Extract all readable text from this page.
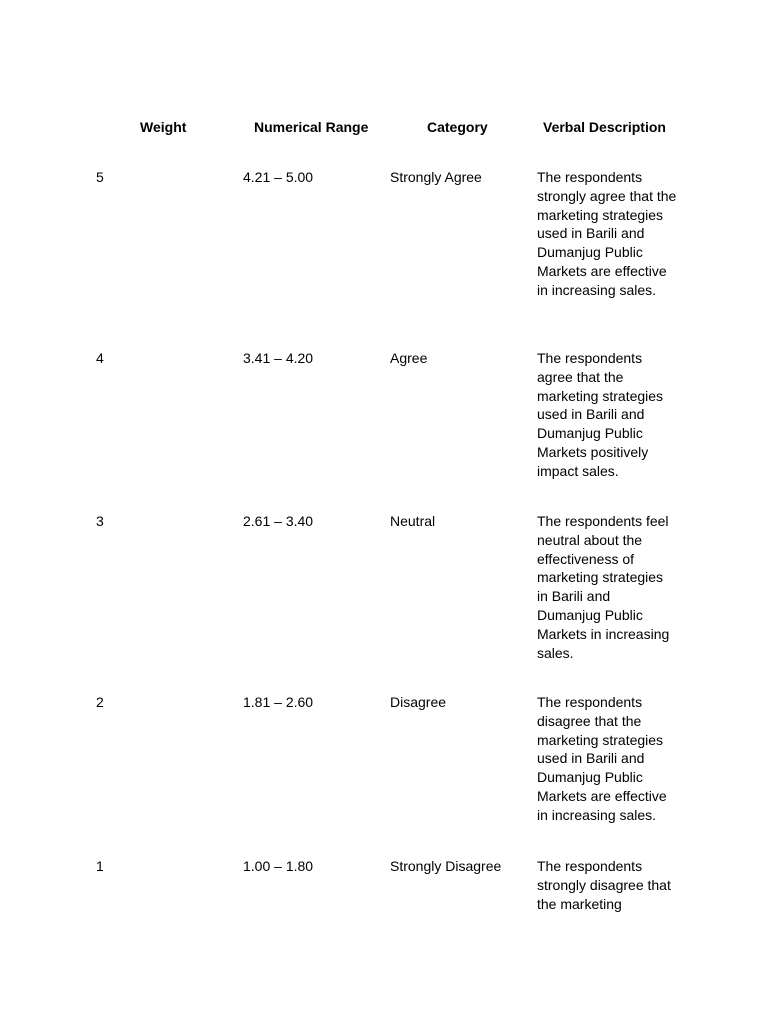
Weight	Numerical Range	Category	Verbal Description
5	4.21 – 5.00	Strongly Agree	The respondents strongly agree that the marketing strategies used in Barili and Dumanjug Public Markets are effective in increasing sales.
4	3.41 – 4.20	Agree	The respondents agree that the marketing strategies used in Barili and Dumanjug Public Markets positively impact sales.
3	2.61 – 3.40	Neutral	The respondents feel neutral about the effectiveness of marketing strategies in Barili and Dumanjug Public Markets in increasing sales.
2	1.81 – 2.60	Disagree	The respondents disagree that the marketing strategies used in Barili and Dumanjug Public Markets are effective in increasing sales.
1	1.00 – 1.80	Strongly Disagree	The respondents strongly disagree that the marketing
